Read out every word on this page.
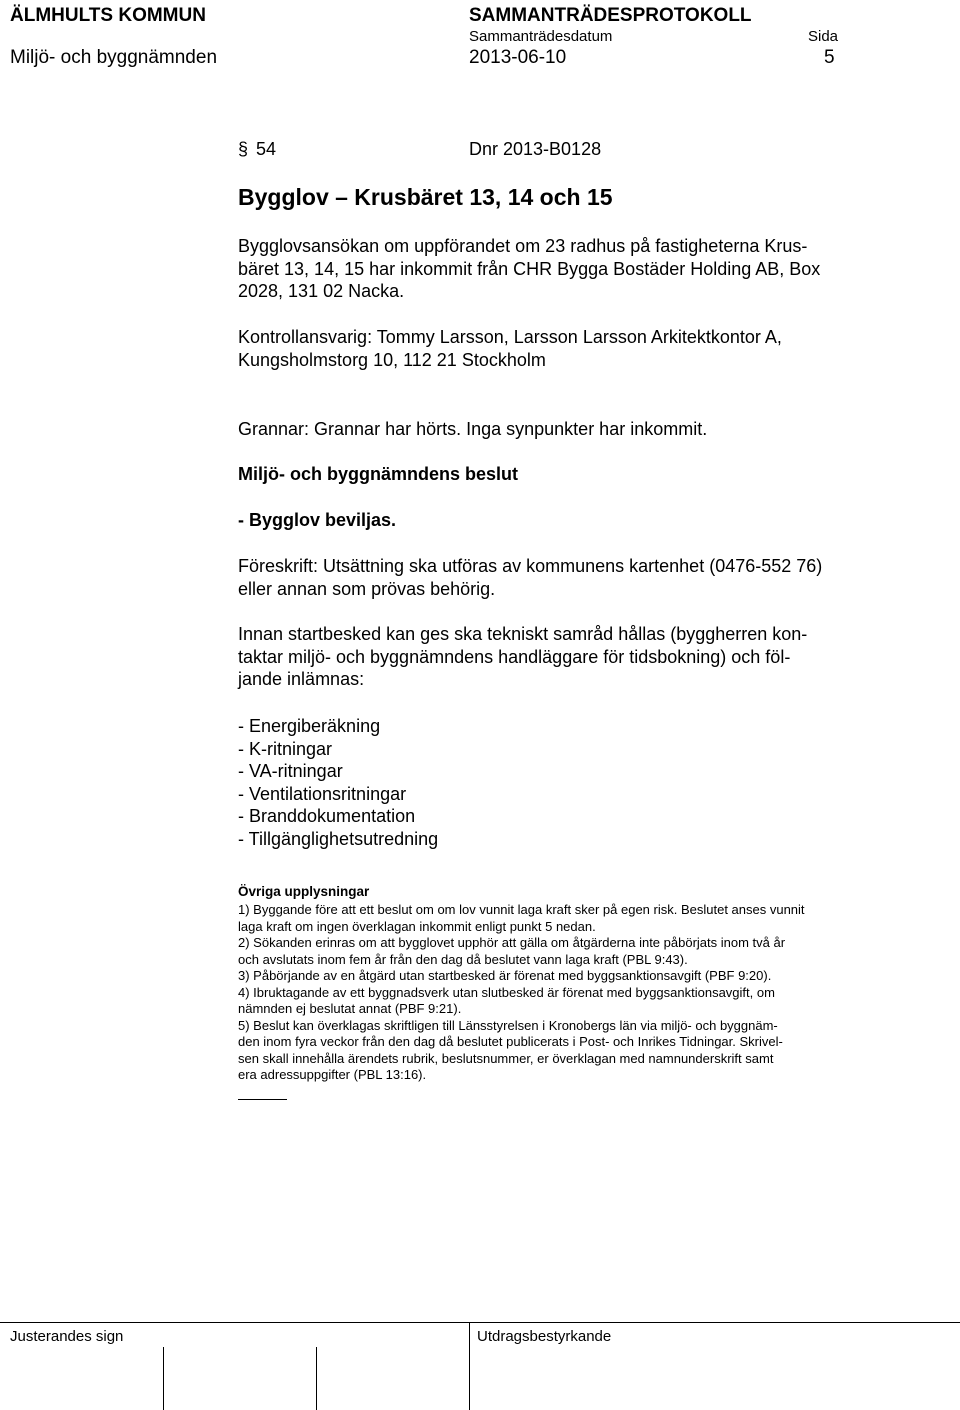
ÄLMHULTS KOMMUN	SAMMANTRÄDESPROTOKOLL
Sammanträdesdatum	Sida
Miljö- och byggnämnden	2013-06-10	5
§ 54	Dnr 2013-B0128
Bygglov – Krusbäret 13, 14 och 15
Bygglovsansökan om uppförandet om 23 radhus på fastigheterna Krus-
bäret 13, 14, 15 har inkommit från CHR Bygga Bostäder Holding AB, Box
2028, 131 02 Nacka.
Kontrollansvarig: Tommy Larsson, Larsson Larsson Arkitektkontor A,
Kungsholmstorg 10, 112 21 Stockholm
Grannar: Grannar har hörts. Inga synpunkter har inkommit.
Miljö- och byggnämndens beslut
- Bygglov beviljas.
Föreskrift: Utsättning ska utföras av kommunens kartenhet (0476-552 76)
eller annan som prövas behörig.
Innan startbesked kan ges ska tekniskt samråd hållas (byggherren kon-
taktar miljö- och byggnämndens handläggare för tidsbokning) och föl-
jande inlämnas:
- Energiberäkning
- K-ritningar
- VA-ritningar
- Ventilationsritningar
- Branddokumentation
- Tillgänglighetsutredning
Övriga upplysningar
1) Byggande före att ett beslut om om lov vunnit laga kraft sker på egen risk. Beslutet anses vunnit
laga kraft om ingen överklagan inkommit enligt punkt 5 nedan.
2) Sökanden erinras om att bygglovet upphör att gälla om åtgärderna inte påbörjats inom två år
och avslutats inom fem år från den dag då beslutet vann laga kraft (PBL 9:43).
3) Påbörjande av en åtgärd utan startbesked är förenat med byggsanktionsavgift (PBF 9:20).
4) Ibruktagande av ett byggnadsverk utan slutbesked är förenat med byggsanktionsavgift, om
nämnden ej beslutat annat (PBF 9:21).
5) Beslut kan överklagas skriftligen till Länsstyrelsen i Kronobergs län via miljö- och byggnäm-
den inom fyra veckor från den dag då beslutet publicerats i Post- och Inrikes Tidningar. Skrivel-
sen skall innehålla ärendets rubrik, beslutsnummer, er överklagan med namnunderskrift samt
era adressuppgifter (PBL 13:16).
Justerandes sign	Utdragsbestyrkande
